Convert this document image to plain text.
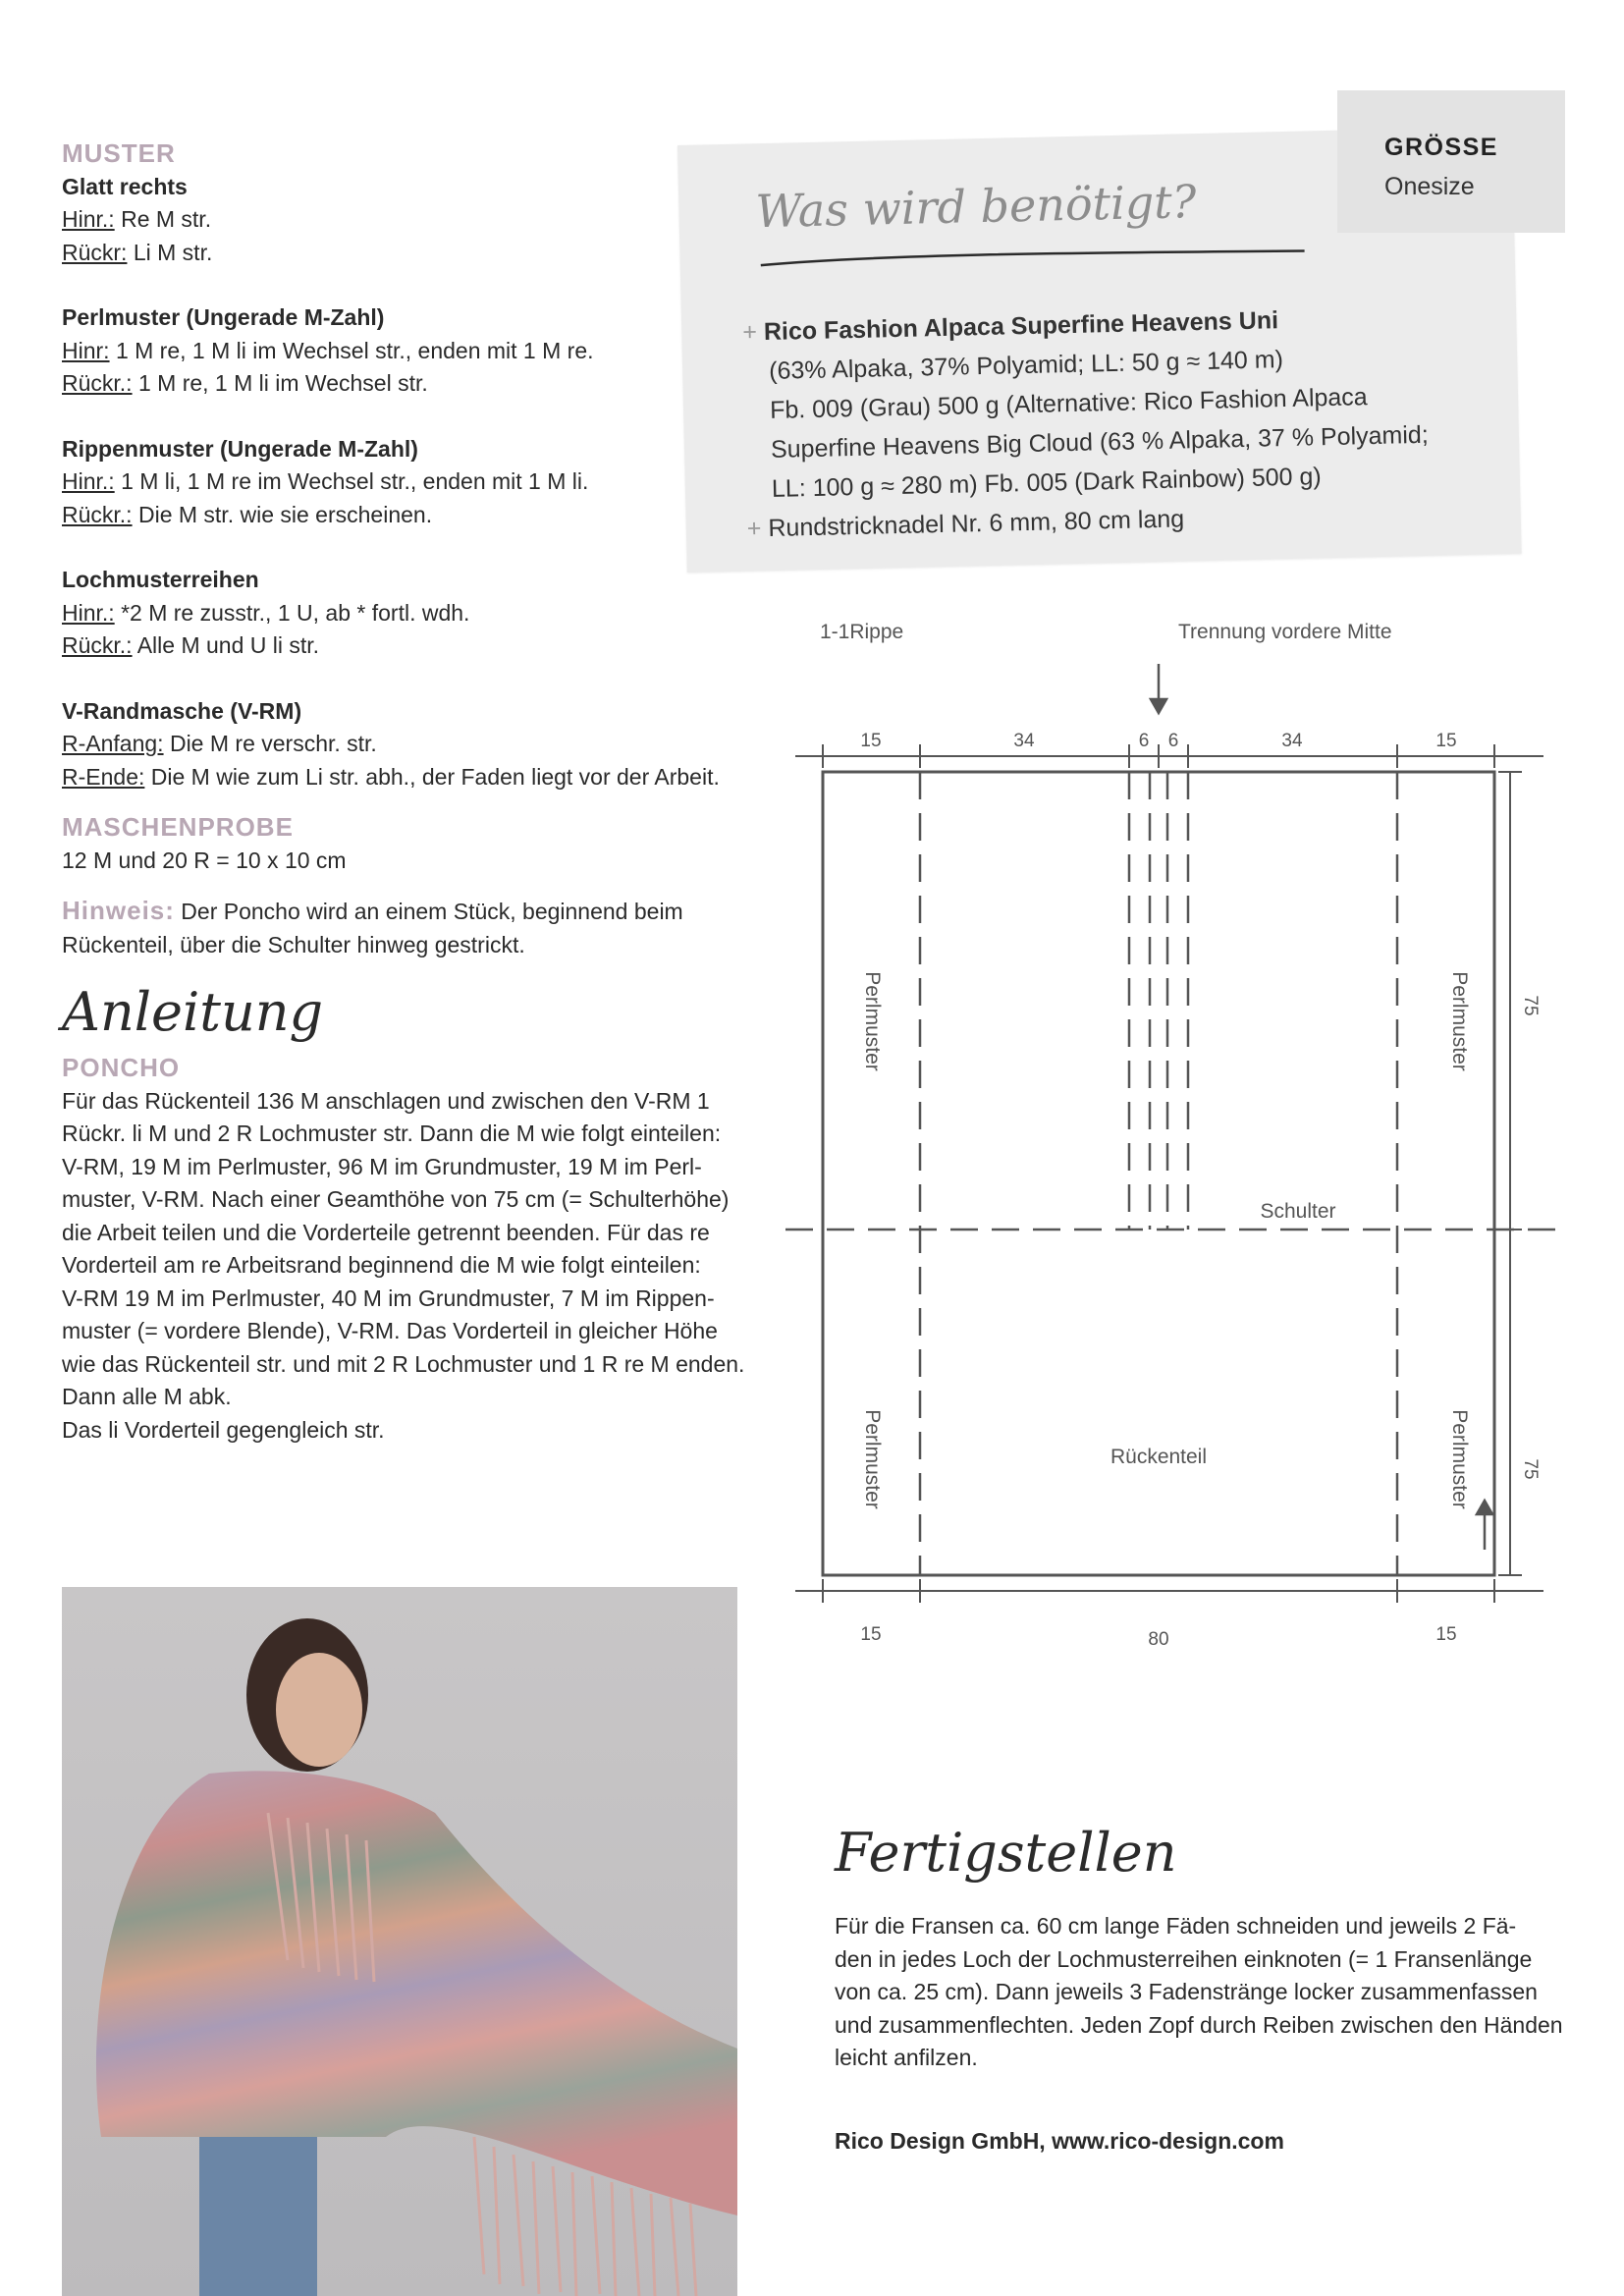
MUSTER

Glatt rechts

Hinr.: Re M str.

Rückr: Li M str.

Perlmuster (Ungerade M-Zahl)

Hinr: 1 M re, 1 M li im Wechsel str., enden mit 1 M re.

Rückr.: 1 M re, 1 M li im Wechsel str.

Rippenmuster (Ungerade M-Zahl)

Hinr.: 1 M li, 1 M re im Wechsel str., enden mit 1 M li.

Rückr.: Die M str. wie sie erscheinen.

Lochmusterreihen

Hinr.: *2 M re zusstr., 1 U, ab * fortl. wdh.

Rückr.: Alle M und U li str.

V-Randmasche (V-RM)

R-Anfang: Die M re verschr. str.

R-Ende: Die M wie zum Li str. abh., der Faden liegt vor der Arbeit.

MASCHENPROBE

12 M und 20 R = 10 x 10 cm

Hinweis: Der Poncho wird an einem Stück, beginnend beim

Rückenteil, über die Schulter hinweg gestrickt.

Anleitung

PONCHO

Für das Rückenteil 136 M anschlagen und zwischen den V-RM 1

Rückr. li M und 2 R Lochmuster str. Dann die M wie folgt einteilen:

V-RM, 19 M im Perlmuster, 96 M im Grundmuster, 19 M im Perl-

muster, V-RM. Nach einer Geamthöhe von 75 cm (= Schulterhöhe)

die Arbeit teilen und die Vorderteile getrennt beenden. Für das re

Vorderteil am re Arbeitsrand beginnend die M wie folgt einteilen:

V-RM 19 M im Perlmuster, 40 M im Grundmuster, 7 M im Rippen-

muster (= vordere Blende), V-RM. Das Vorderteil in gleicher Höhe

wie das Rückenteil str. und mit 2 R Lochmuster und 1 R re M enden.

Dann alle M abk.

Das li Vorderteil gegengleich str.

Was wird benötigt?
+ Rico Fashion Alpaca Superfine Heavens Uni
(63% Alpaka, 37% Polyamid; LL: 50 g ≈ 140 m)
Fb. 009 (Grau) 500 g (Alternative: Rico Fashion Alpaca
Superfine Heavens Big Cloud (63 % Alpaka, 37 % Polyamid;
LL: 100 g ≈ 280 m) Fb. 005 (Dark Rainbow) 500 g)
+ Rundstricknadel Nr. 6 mm, 80 cm lang
GRÖSSE
Onesize
1-1Rippe	Trennung vordere Mitte
15	34	6 6	34	15
15	80	15
75
75
Perlmuster	Perlmuster
Perlmuster	Perlmuster
Schulter
Rückenteil
Fertigstellen
Für die Fransen ca. 60 cm lange Fäden schneiden und jeweils 2 Fä-
den in jedes Loch der Lochmusterreihen einknoten (= 1 Fransenlänge
von ca. 25 cm). Dann jeweils 3 Fadenstränge locker zusammenfassen
und zusammenflechten. Jeden Zopf durch Reiben zwischen den Händen
leicht anfilzen.
Rico Design GmbH, www.rico-design.com
